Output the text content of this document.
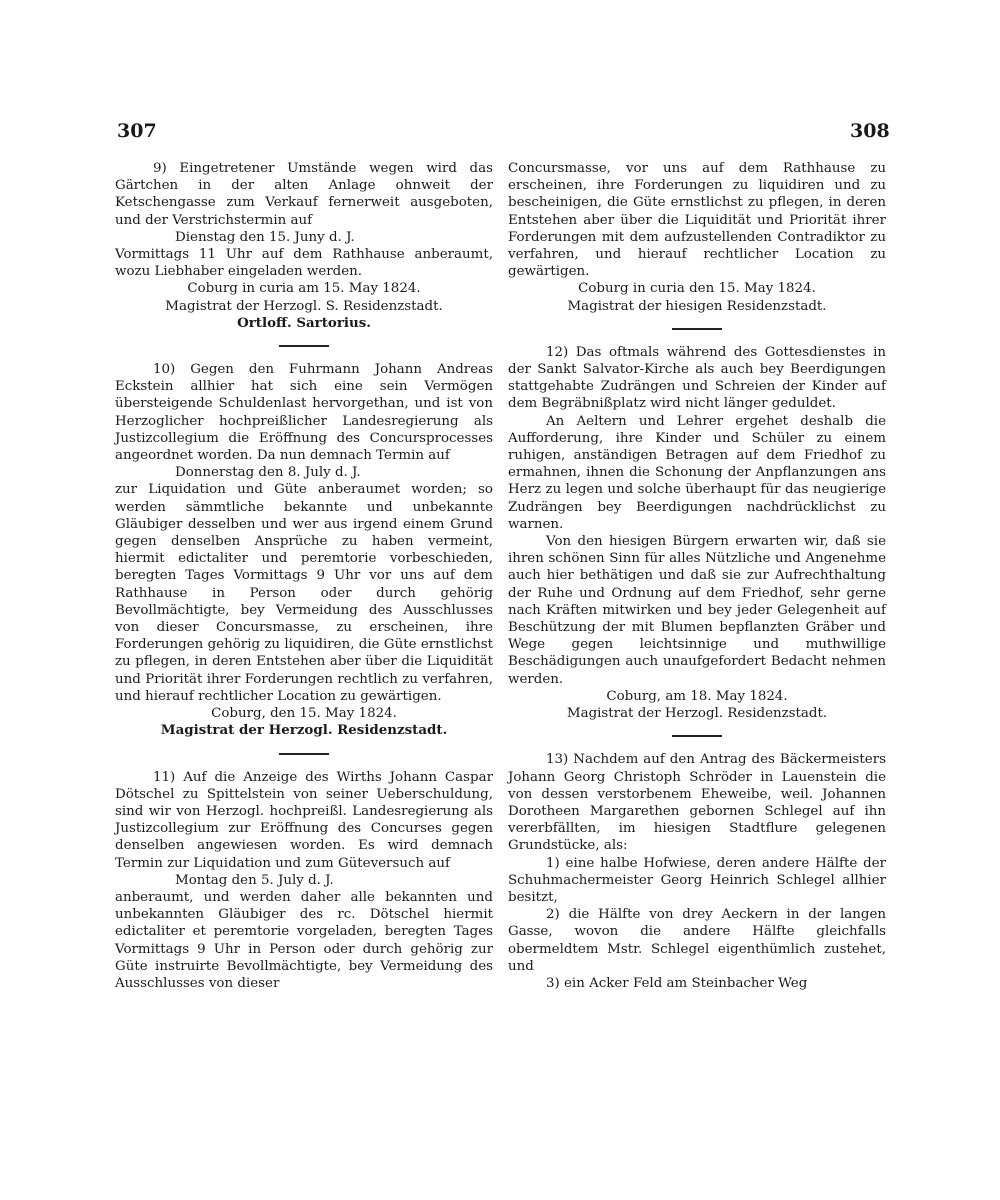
307	308

9) Eingetretener Umstände wegen wird das Gärtchen in der alten Anlage ohnweit der Ketschengasse zum Verkauf fernerweit ausgeboten, und der Verstrichstermin auf

Dienstag den 15. Juny d. J.

Vormittags 11 Uhr auf dem Rathhause anberaumt, wozu Liebhaber eingeladen werden.

Coburg in curia am 15. May 1824.

Magistrat der Herzogl. S. Residenzstadt.

Ortloff. Sartorius.

10) Gegen den Fuhrmann Johann Andreas Eckstein allhier hat sich eine sein Vermögen übersteigende Schuldenlast hervorgethan, und ist von Herzoglicher hochpreißlicher Landesregierung als Justizcollegium die Eröffnung des Concursprocesses angeordnet worden. Da nun demnach Termin auf

Donnerstag den 8. July d. J.

zur Liquidation und Güte anberaumet worden; so werden sämmtliche bekannte und unbekannte Gläubiger desselben und wer aus irgend einem Grund gegen denselben Ansprüche zu haben vermeint, hiermit edictaliter und peremtorie vorbeschieden, beregten Tages Vormittags 9 Uhr vor uns auf dem Rathhause in Person oder durch gehörig Bevollmächtigte, bey Vermeidung des Ausschlusses von dieser Concursmasse, zu erscheinen, ihre Forderungen gehörig zu liquidiren, die Güte ernstlichst zu pflegen, in deren Entstehen aber über die Liquidität und Priorität ihrer Forderungen rechtlich zu verfahren, und hierauf rechtlicher Location zu gewärtigen.

Coburg, den 15. May 1824.

Magistrat der Herzogl. Residenzstadt.

11) Auf die Anzeige des Wirths Johann Caspar Dötschel zu Spittelstein von seiner Ueberschuldung, sind wir von Herzogl. hochpreißl. Landesregierung als Justizcollegium zur Eröffnung des Concurses gegen denselben angewiesen worden. Es wird demnach Termin zur Liquidation und zum Güteversuch auf

Montag den 5. July d. J.

anberaumt, und werden daher alle bekannten und unbekannten Gläubiger des rc. Dötschel hiermit edictaliter et peremtorie vorgeladen, beregten Tages Vormittags 9 Uhr in Person oder durch gehörig zur Güte instruirte Bevollmächtigte, bey Vermeidung des Ausschlusses von dieser

Concursmasse, vor uns auf dem Rathhause zu erscheinen, ihre Forderungen zu liquidiren und zu bescheinigen, die Güte ernstlichst zu pflegen, in deren Entstehen aber über die Liquidität und Priorität ihrer Forderungen mit dem aufzustellenden Contradiktor zu verfahren, und hierauf rechtlicher Location zu gewärtigen.

Coburg in curia den 15. May 1824.

Magistrat der hiesigen Residenzstadt.

12) Das oftmals während des Gottesdienstes in der Sankt Salvator-Kirche als auch bey Beerdigungen stattgehabte Zudrängen und Schreien der Kinder auf dem Begräbnißplatz wird nicht länger geduldet.

An Aeltern und Lehrer ergehet deshalb die Aufforderung, ihre Kinder und Schüler zu einem ruhigen, anständigen Betragen auf dem Friedhof zu ermahnen, ihnen die Schonung der Anpflanzungen ans Herz zu legen und solche überhaupt für das neugierige Zudrängen bey Beerdigungen nachdrücklichst zu warnen.

Von den hiesigen Bürgern erwarten wir, daß sie ihren schönen Sinn für alles Nützliche und Angenehme auch hier bethätigen und daß sie zur Aufrechthaltung der Ruhe und Ordnung auf dem Friedhof, sehr gerne nach Kräften mitwirken und bey jeder Gelegenheit auf Beschützung der mit Blumen bepflanzten Gräber und Wege gegen leichtsinnige und muthwillige Beschädigungen auch unaufgefordert Bedacht nehmen werden.

Coburg, am 18. May 1824.

Magistrat der Herzogl. Residenzstadt.

13) Nachdem auf den Antrag des Bäckermeisters Johann Georg Christoph Schröder in Lauenstein die von dessen verstorbenem Eheweibe, weil. Johannen Dorotheen Margarethen gebornen Schlegel auf ihn vererbfällten, im hiesigen Stadtflure gelegenen Grundstücke, als:

1) eine halbe Hofwiese, deren andere Hälfte der Schuhmachermeister Georg Heinrich Schlegel allhier besitzt,

2) die Hälfte von drey Aeckern in der langen Gasse, wovon die andere Hälfte gleichfalls obermeldtem Mstr. Schlegel eigenthümlich zustehet, und

3) ein Acker Feld am Steinbacher Weg
